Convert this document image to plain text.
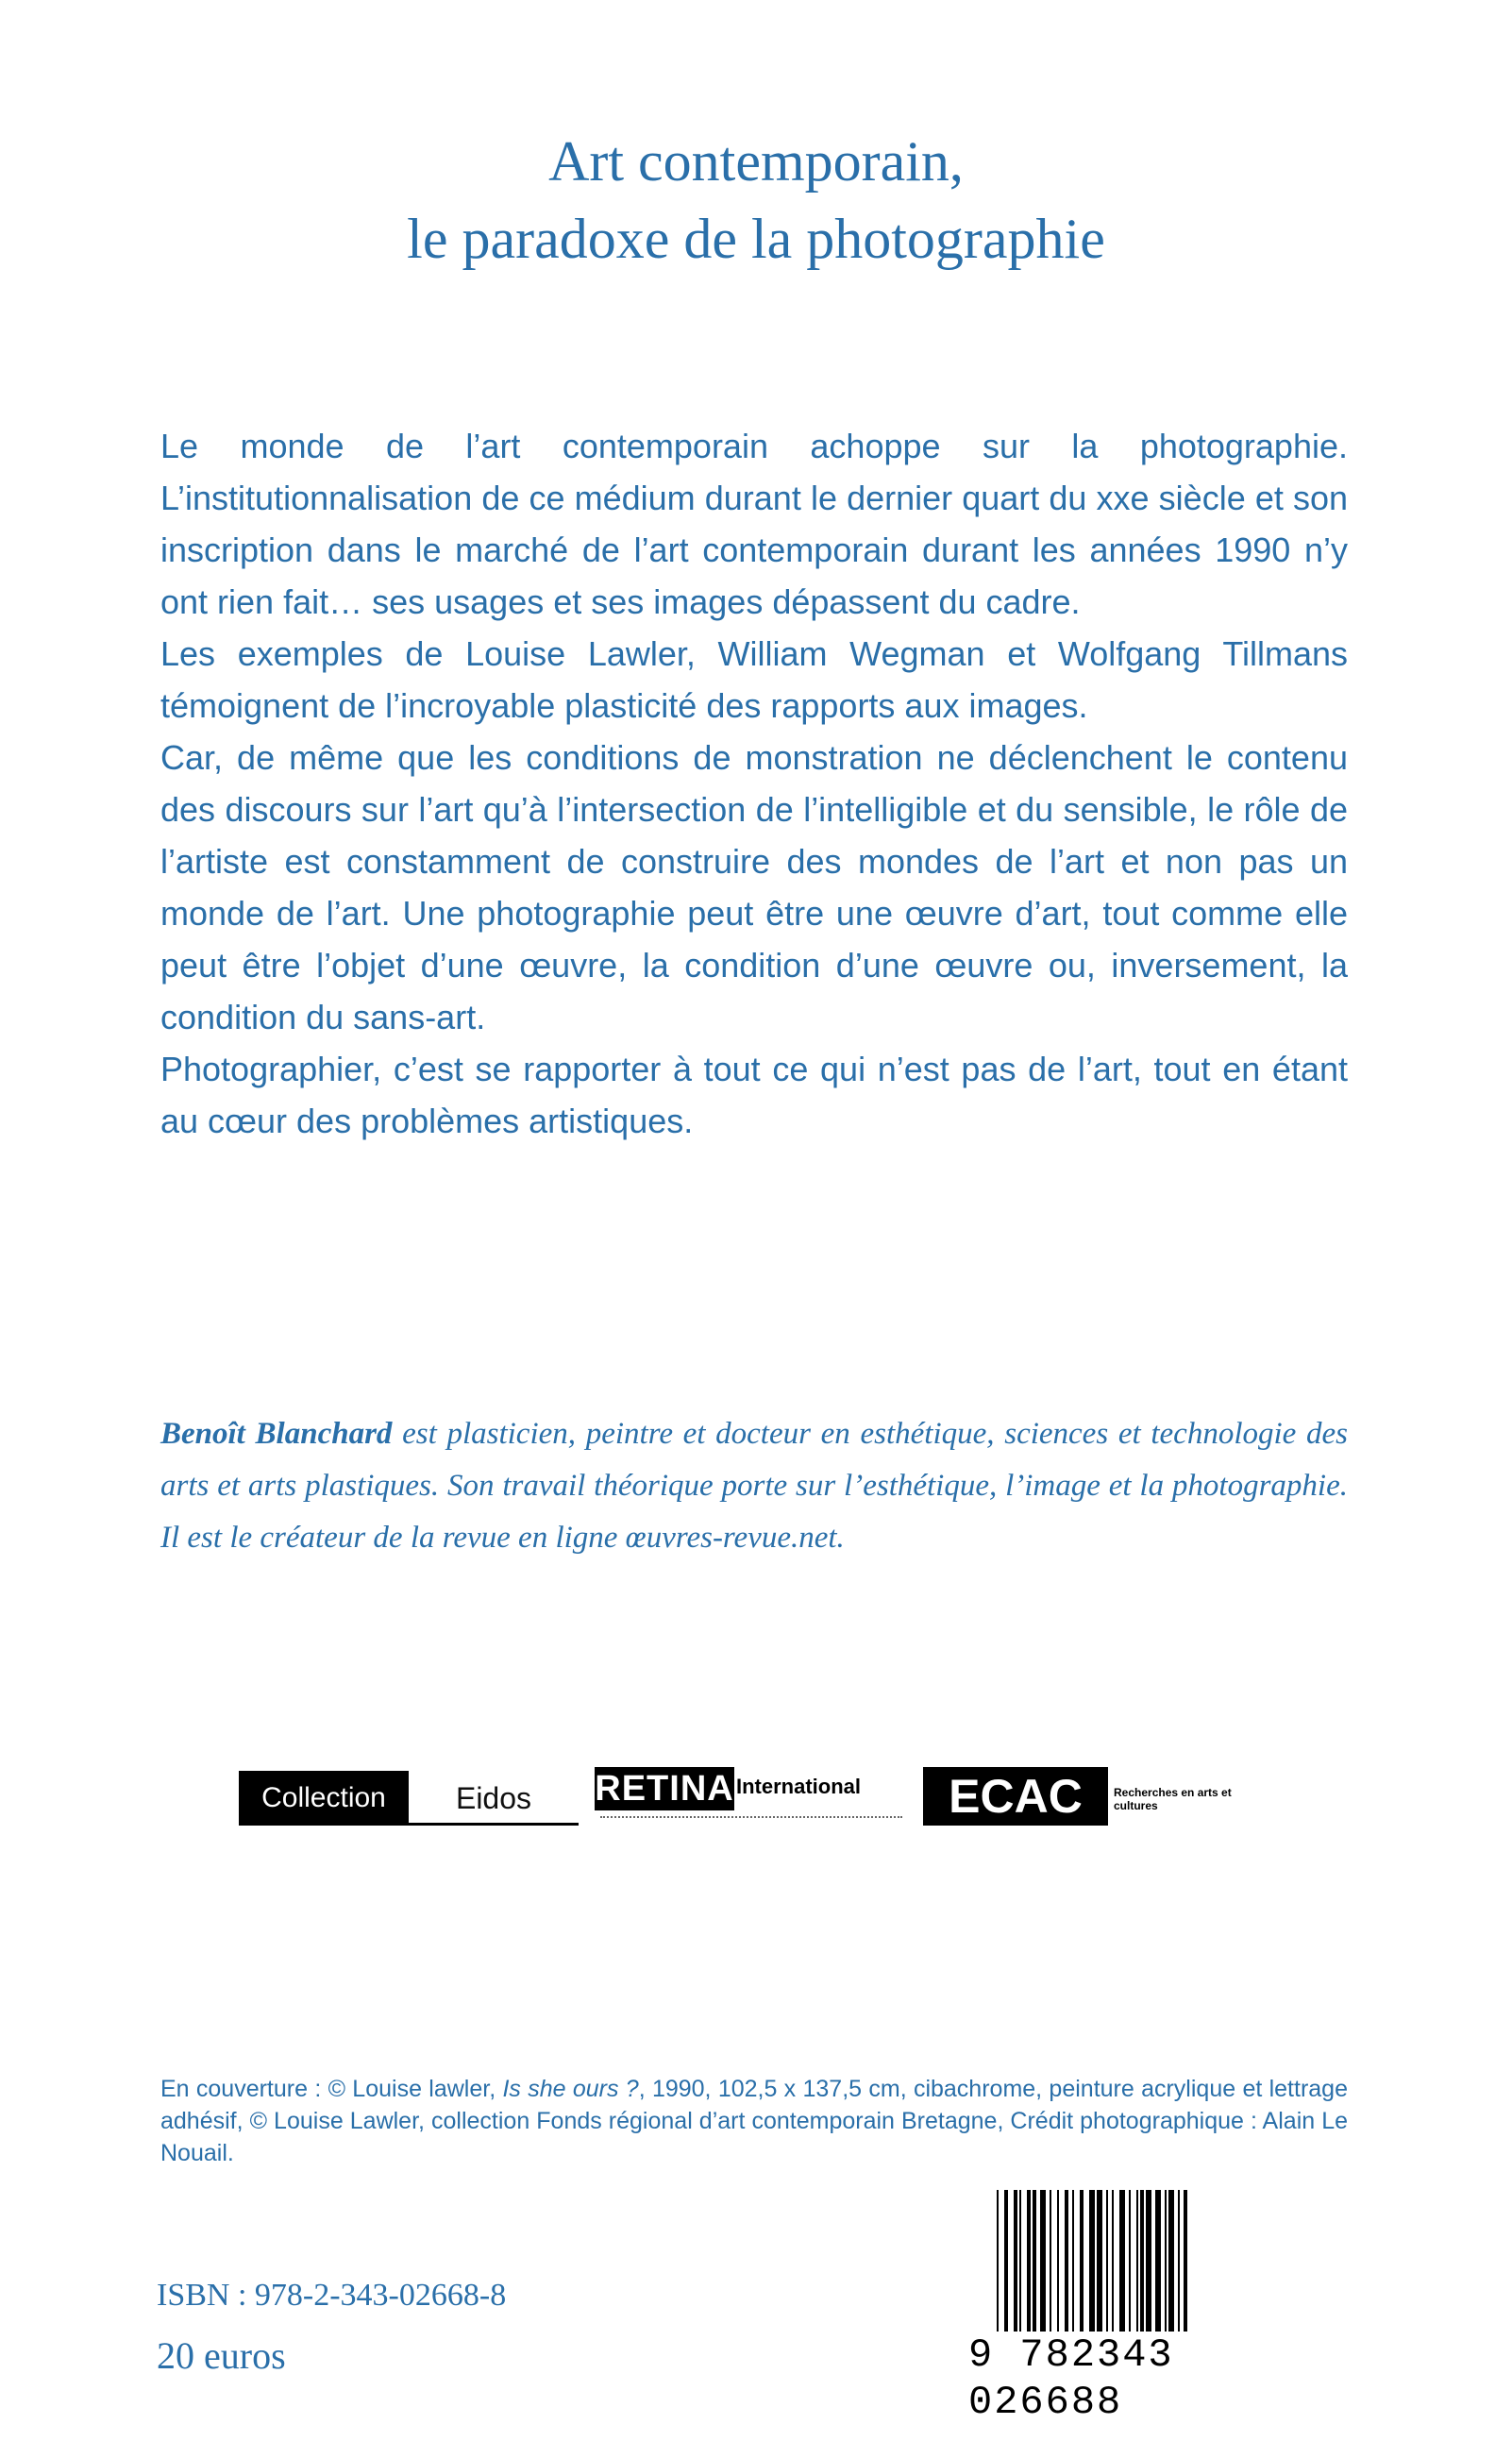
Art contemporain,
le paradoxe de la photographie

Le monde de l’art contemporain achoppe sur la photographie. L’institutionnalisation de ce médium durant le dernier quart du xxe siècle et son inscription dans le marché de l’art contemporain durant les années 1990 n’y ont rien fait… ses usages et ses images dépassent du cadre.

Les exemples de Louise Lawler, William Wegman et Wolfgang Tillmans témoignent de l’incroyable plasticité des rapports aux images.

Car, de même que les conditions de monstration ne déclenchent le contenu des discours sur l’art qu’à l’intersection de l’intelligible et du sensible, le rôle de l’artiste est constamment de construire des mondes de l’art et non pas un monde de l’art. Une photographie peut être une œuvre d’art, tout comme elle peut être l’objet d’une œuvre, la condition d’une œuvre ou, inversement, la condition du sans-art.

Photographier, c’est se rapporter à tout ce qui n’est pas de l’art, tout en étant au cœur des problèmes artistiques.

Benoît Blanchard est plasticien, peintre et docteur en esthétique, sciences et technologie des arts et arts plastiques. Son travail théorique porte sur l’esthétique, l’image et la photographie. Il est le créateur de la revue en ligne œuvres-revue.net.
Collection	Eidos	RETINA International	ECAC	Recherches en arts et cultures
En couverture : © Louise lawler, Is she ours ?, 1990, 102,5 x 137,5 cm, cibachrome, peinture acrylique et lettrage adhésif, © Louise Lawler, collection Fonds régional d’art contemporain Bretagne, Crédit photographique : Alain Le Nouail.
ISBN : 978-2-343-02668-8
20 euros	9 782343 026688
